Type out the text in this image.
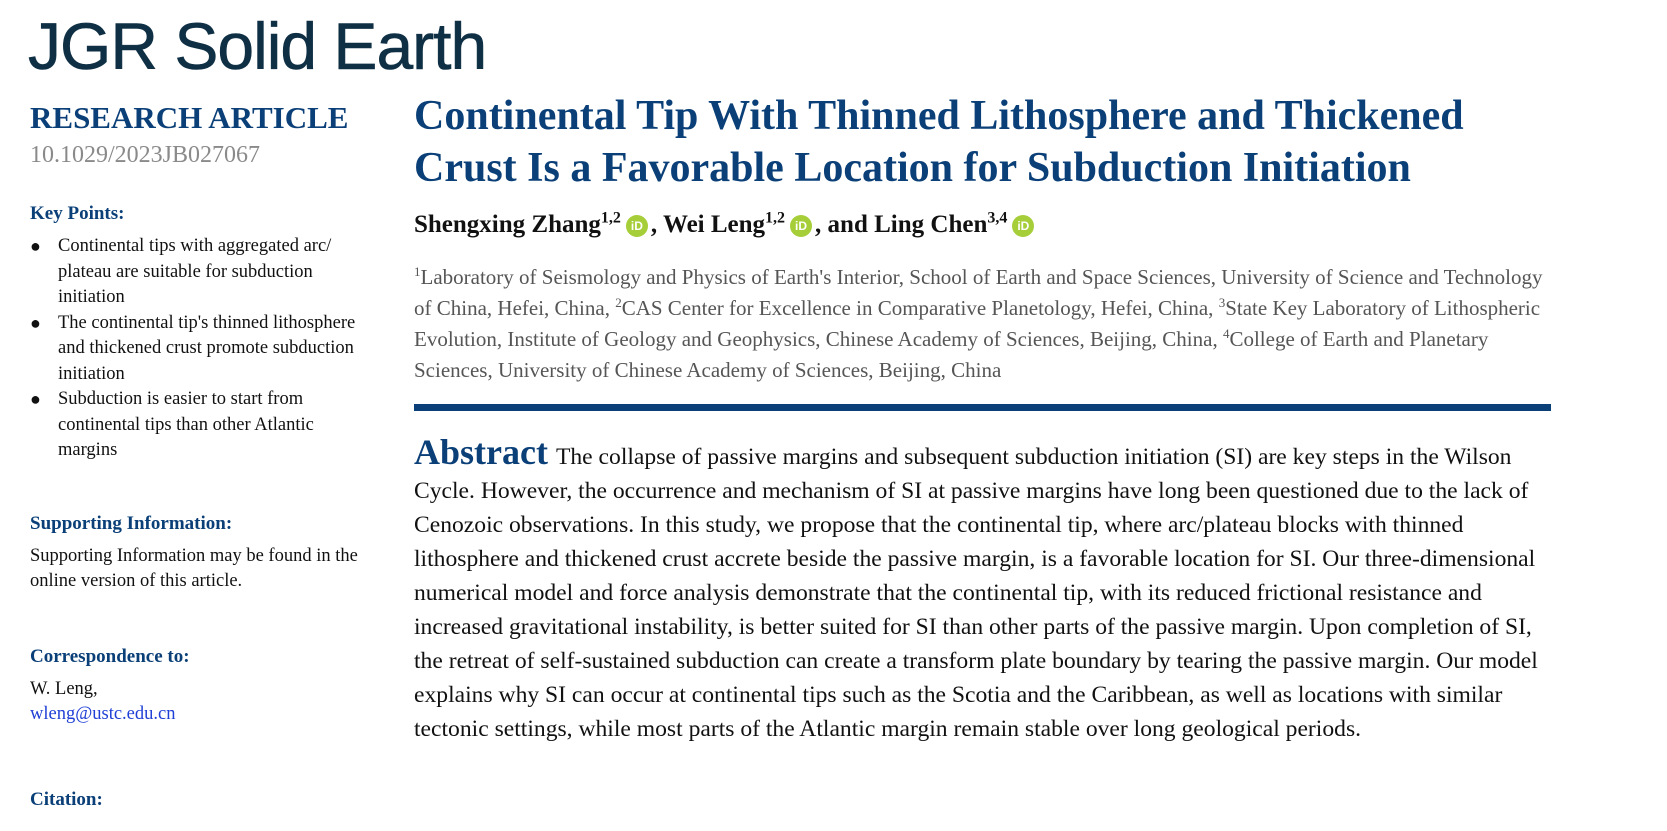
JGR Solid Earth
RESEARCH ARTICLE
10.1029/2023JB027067
Key Points:
● Continental tips with aggregated arc/ plateau are suitable for subduction initiation
● The continental tip's thinned lithosphere and thickened crust promote subduction initiation
● Subduction is easier to start from continental tips than other Atlantic margins
Supporting Information:
Supporting Information may be found in the online version of this article.
Correspondence to:
W. Leng,
wleng@ustc.edu.cn
Citation:
Continental Tip With Thinned Lithosphere and Thickened Crust Is a Favorable Location for Subduction Initiation
Shengxing Zhang$^{1,2}$ iD , Wei Leng$^{1,2}$ iD , and Ling Chen$^{3,4}$ iD
$^1$Laboratory of Seismology and Physics of Earth's Interior, School of Earth and Space Sciences, University of Science and Technology of China, Hefei, China, $^2$CAS Center for Excellence in Comparative Planetology, Hefei, China, $^3$State Key Laboratory of Lithospheric Evolution, Institute of Geology and Geophysics, Chinese Academy of Sciences, Beijing, China, $^4$College of Earth and Planetary Sciences, University of Chinese Academy of Sciences, Beijing, China
Abstract The collapse of passive margins and subsequent subduction initiation (SI) are key steps in the Wilson Cycle. However, the occurrence and mechanism of SI at passive margins have long been questioned due to the lack of Cenozoic observations. In this study, we propose that the continental tip, where arc/plateau blocks with thinned lithosphere and thickened crust accrete beside the passive margin, is a favorable location for SI. Our three-dimensional numerical model and force analysis demonstrate that the continental tip, with its reduced frictional resistance and increased gravitational instability, is better suited for SI than other parts of the passive margin. Upon completion of SI, the retreat of self-sustained subduction can create a transform plate boundary by tearing the passive margin. Our model explains why SI can occur at continental tips such as the Scotia and the Caribbean, as well as locations with similar tectonic settings, while most parts of the Atlantic margin remain stable over long geological periods.
